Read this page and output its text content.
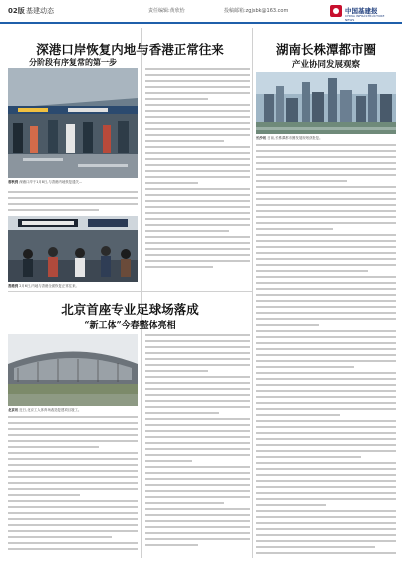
02版 基建动态	责任编辑:黄欣怡	投稿邮箱:zgjsbk@163.com	中国基建报
CHINA INFRASTRUCTURE NEWS
深港口岸恢复内地与香港正常往来
分阶段有序复常的第一步
春秋到 深港口岸于1月8日,与香港内地恢复通关…
香港到 2月6日,内地与香港全面恢复正常往来。
北京首座专业足球场落成
“新工体”今春整体亮相
北京讯 近日,北京工人体育场改造复建项目竣工。
湖南长株潭都市圈
产业协同发展观察
长沙讯 日前,长株潭都市圈发展规划获批复。
